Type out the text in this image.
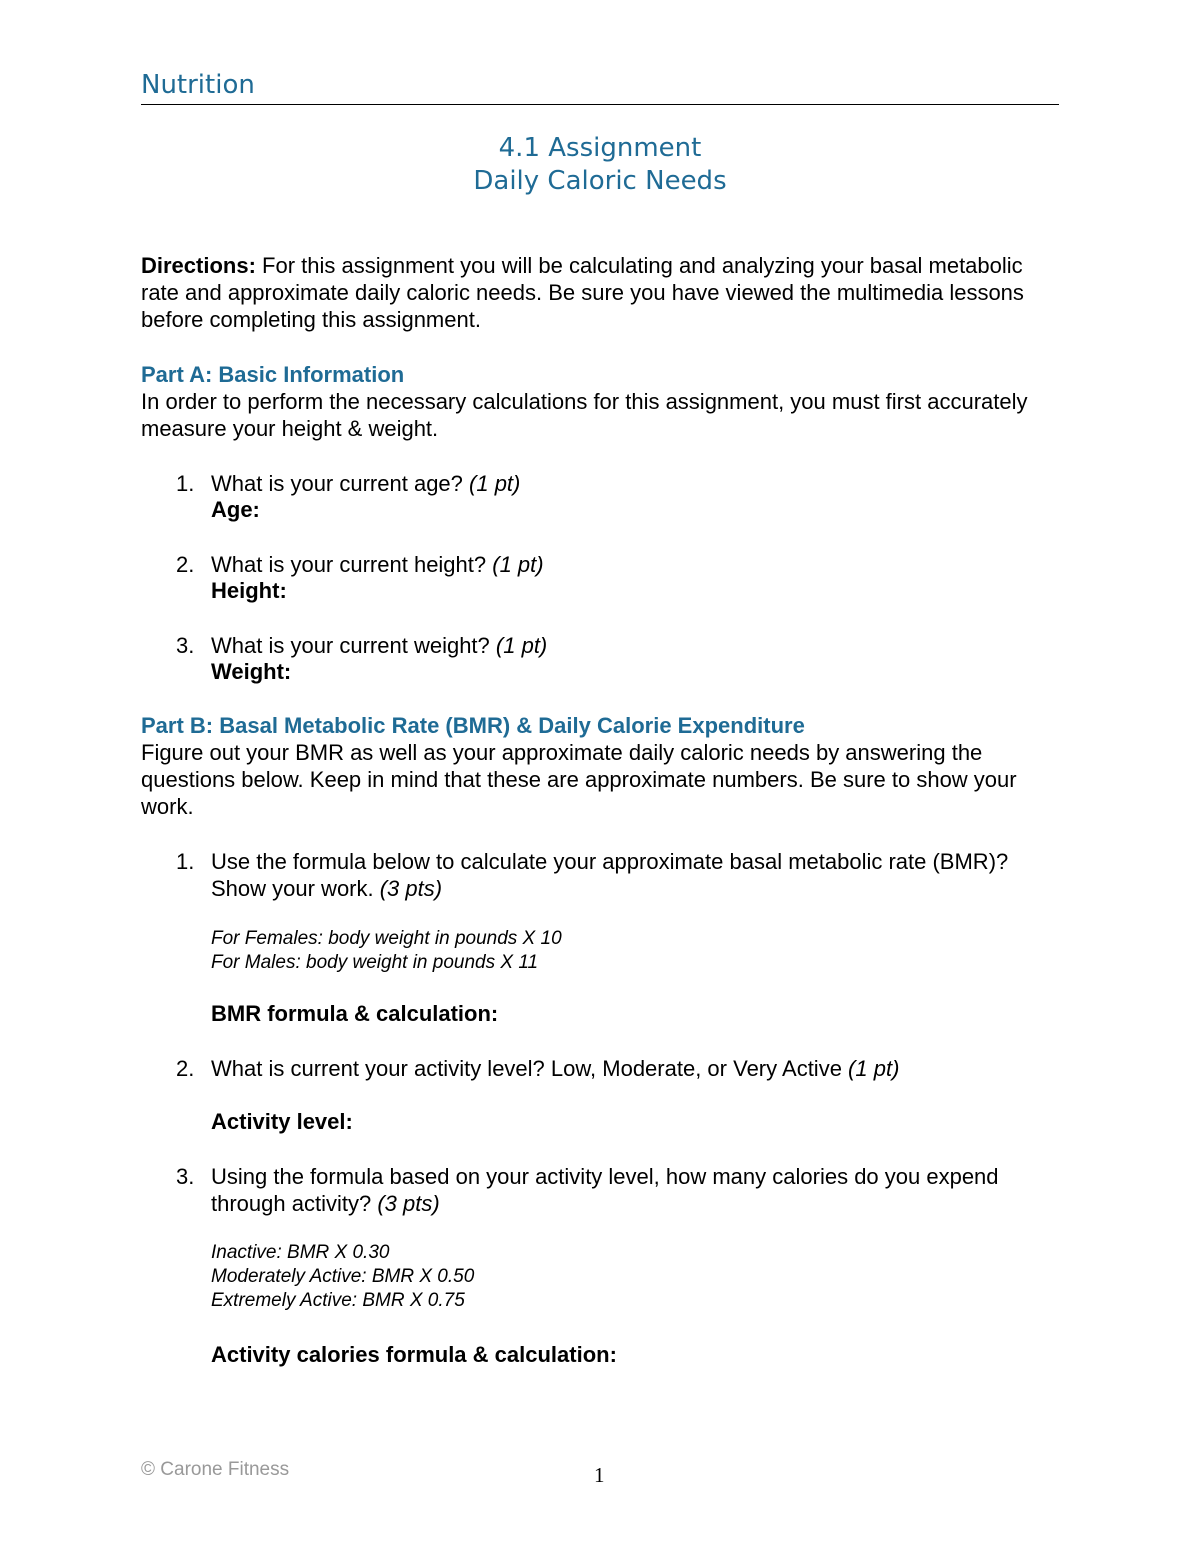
Nutrition
4.1 Assignment
Daily Caloric Needs
Directions: For this assignment you will be calculating and analyzing your basal metabolic rate and approximate daily caloric needs. Be sure you have viewed the multimedia lessons before completing this assignment.
Part A: Basic Information
In order to perform the necessary calculations for this assignment, you must first accurately measure your height & weight.
1. What is your current age? (1 pt)
Age:
2. What is your current height? (1 pt)
Height:
3. What is your current weight? (1 pt)
Weight:
Part B: Basal Metabolic Rate (BMR) & Daily Calorie Expenditure
Figure out your BMR as well as your approximate daily caloric needs by answering the questions below. Keep in mind that these are approximate numbers. Be sure to show your work.
1. Use the formula below to calculate your approximate basal metabolic rate (BMR)? Show your work. (3 pts)
For Females: body weight in pounds X 10
For Males: body weight in pounds X 11
BMR formula & calculation:
2. What is current your activity level? Low, Moderate, or Very Active (1 pt)
Activity level:
3. Using the formula based on your activity level, how many calories do you expend through activity? (3 pts)
Inactive: BMR X 0.30
Moderately Active: BMR X 0.50
Extremely Active: BMR X 0.75
Activity calories formula & calculation:
© Carone Fitness	1
